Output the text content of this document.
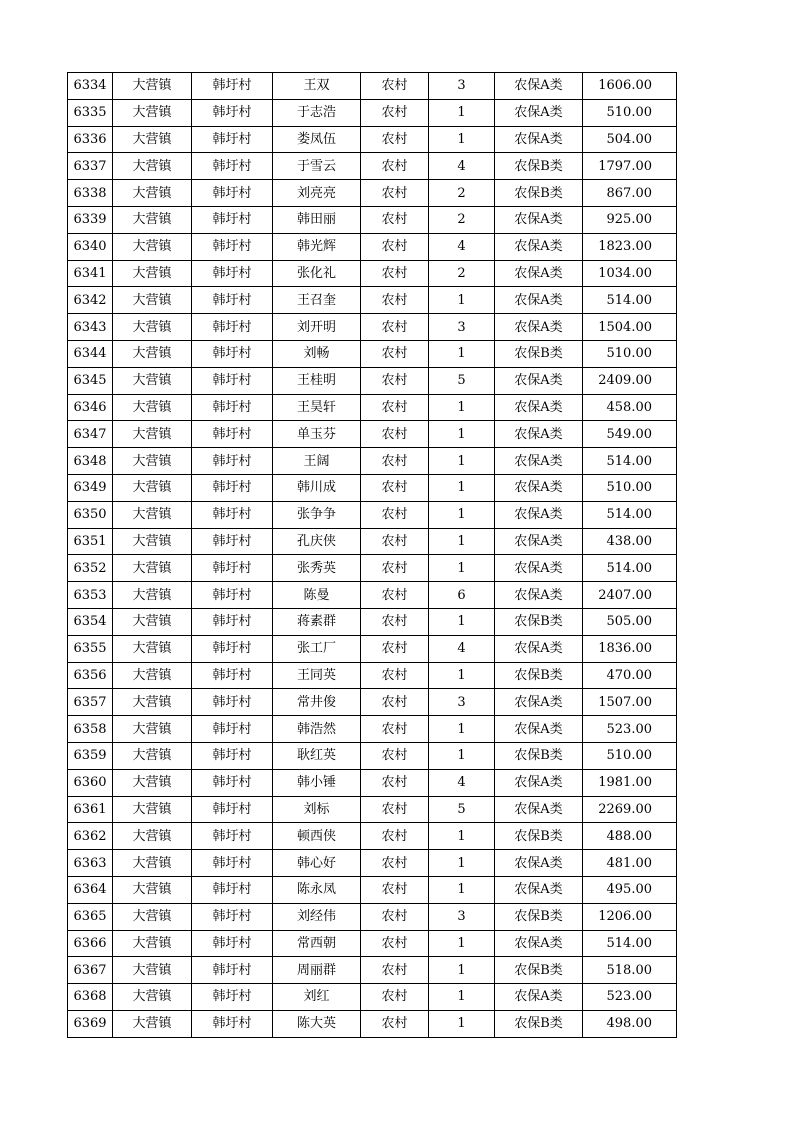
6334	大营镇	韩圩村	王双	农村	3	农保A类	1606.00
6335	大营镇	韩圩村	于志浩	农村	1	农保A类	510.00
6336	大营镇	韩圩村	娄凤伍	农村	1	农保A类	504.00
6337	大营镇	韩圩村	于雪云	农村	4	农保B类	1797.00
6338	大营镇	韩圩村	刘亮亮	农村	2	农保B类	867.00
6339	大营镇	韩圩村	韩田丽	农村	2	农保A类	925.00
6340	大营镇	韩圩村	韩光辉	农村	4	农保A类	1823.00
6341	大营镇	韩圩村	张化礼	农村	2	农保A类	1034.00
6342	大营镇	韩圩村	王召奎	农村	1	农保A类	514.00
6343	大营镇	韩圩村	刘开明	农村	3	农保A类	1504.00
6344	大营镇	韩圩村	刘畅	农村	1	农保B类	510.00
6345	大营镇	韩圩村	王桂明	农村	5	农保A类	2409.00
6346	大营镇	韩圩村	王昊轩	农村	1	农保A类	458.00
6347	大营镇	韩圩村	单玉芬	农村	1	农保A类	549.00
6348	大营镇	韩圩村	王阔	农村	1	农保A类	514.00
6349	大营镇	韩圩村	韩川成	农村	1	农保A类	510.00
6350	大营镇	韩圩村	张争争	农村	1	农保A类	514.00
6351	大营镇	韩圩村	孔庆侠	农村	1	农保A类	438.00
6352	大营镇	韩圩村	张秀英	农村	1	农保A类	514.00
6353	大营镇	韩圩村	陈曼	农村	6	农保A类	2407.00
6354	大营镇	韩圩村	蒋素群	农村	1	农保B类	505.00
6355	大营镇	韩圩村	张工厂	农村	4	农保A类	1836.00
6356	大营镇	韩圩村	王同英	农村	1	农保B类	470.00
6357	大营镇	韩圩村	常井俊	农村	3	农保A类	1507.00
6358	大营镇	韩圩村	韩浩然	农村	1	农保A类	523.00
6359	大营镇	韩圩村	耿红英	农村	1	农保B类	510.00
6360	大营镇	韩圩村	韩小锤	农村	4	农保A类	1981.00
6361	大营镇	韩圩村	刘标	农村	5	农保A类	2269.00
6362	大营镇	韩圩村	顿西侠	农村	1	农保B类	488.00
6363	大营镇	韩圩村	韩心好	农村	1	农保A类	481.00
6364	大营镇	韩圩村	陈永凤	农村	1	农保A类	495.00
6365	大营镇	韩圩村	刘经伟	农村	3	农保B类	1206.00
6366	大营镇	韩圩村	常西朝	农村	1	农保A类	514.00
6367	大营镇	韩圩村	周丽群	农村	1	农保B类	518.00
6368	大营镇	韩圩村	刘红	农村	1	农保A类	523.00
6369	大营镇	韩圩村	陈大英	农村	1	农保B类	498.00
